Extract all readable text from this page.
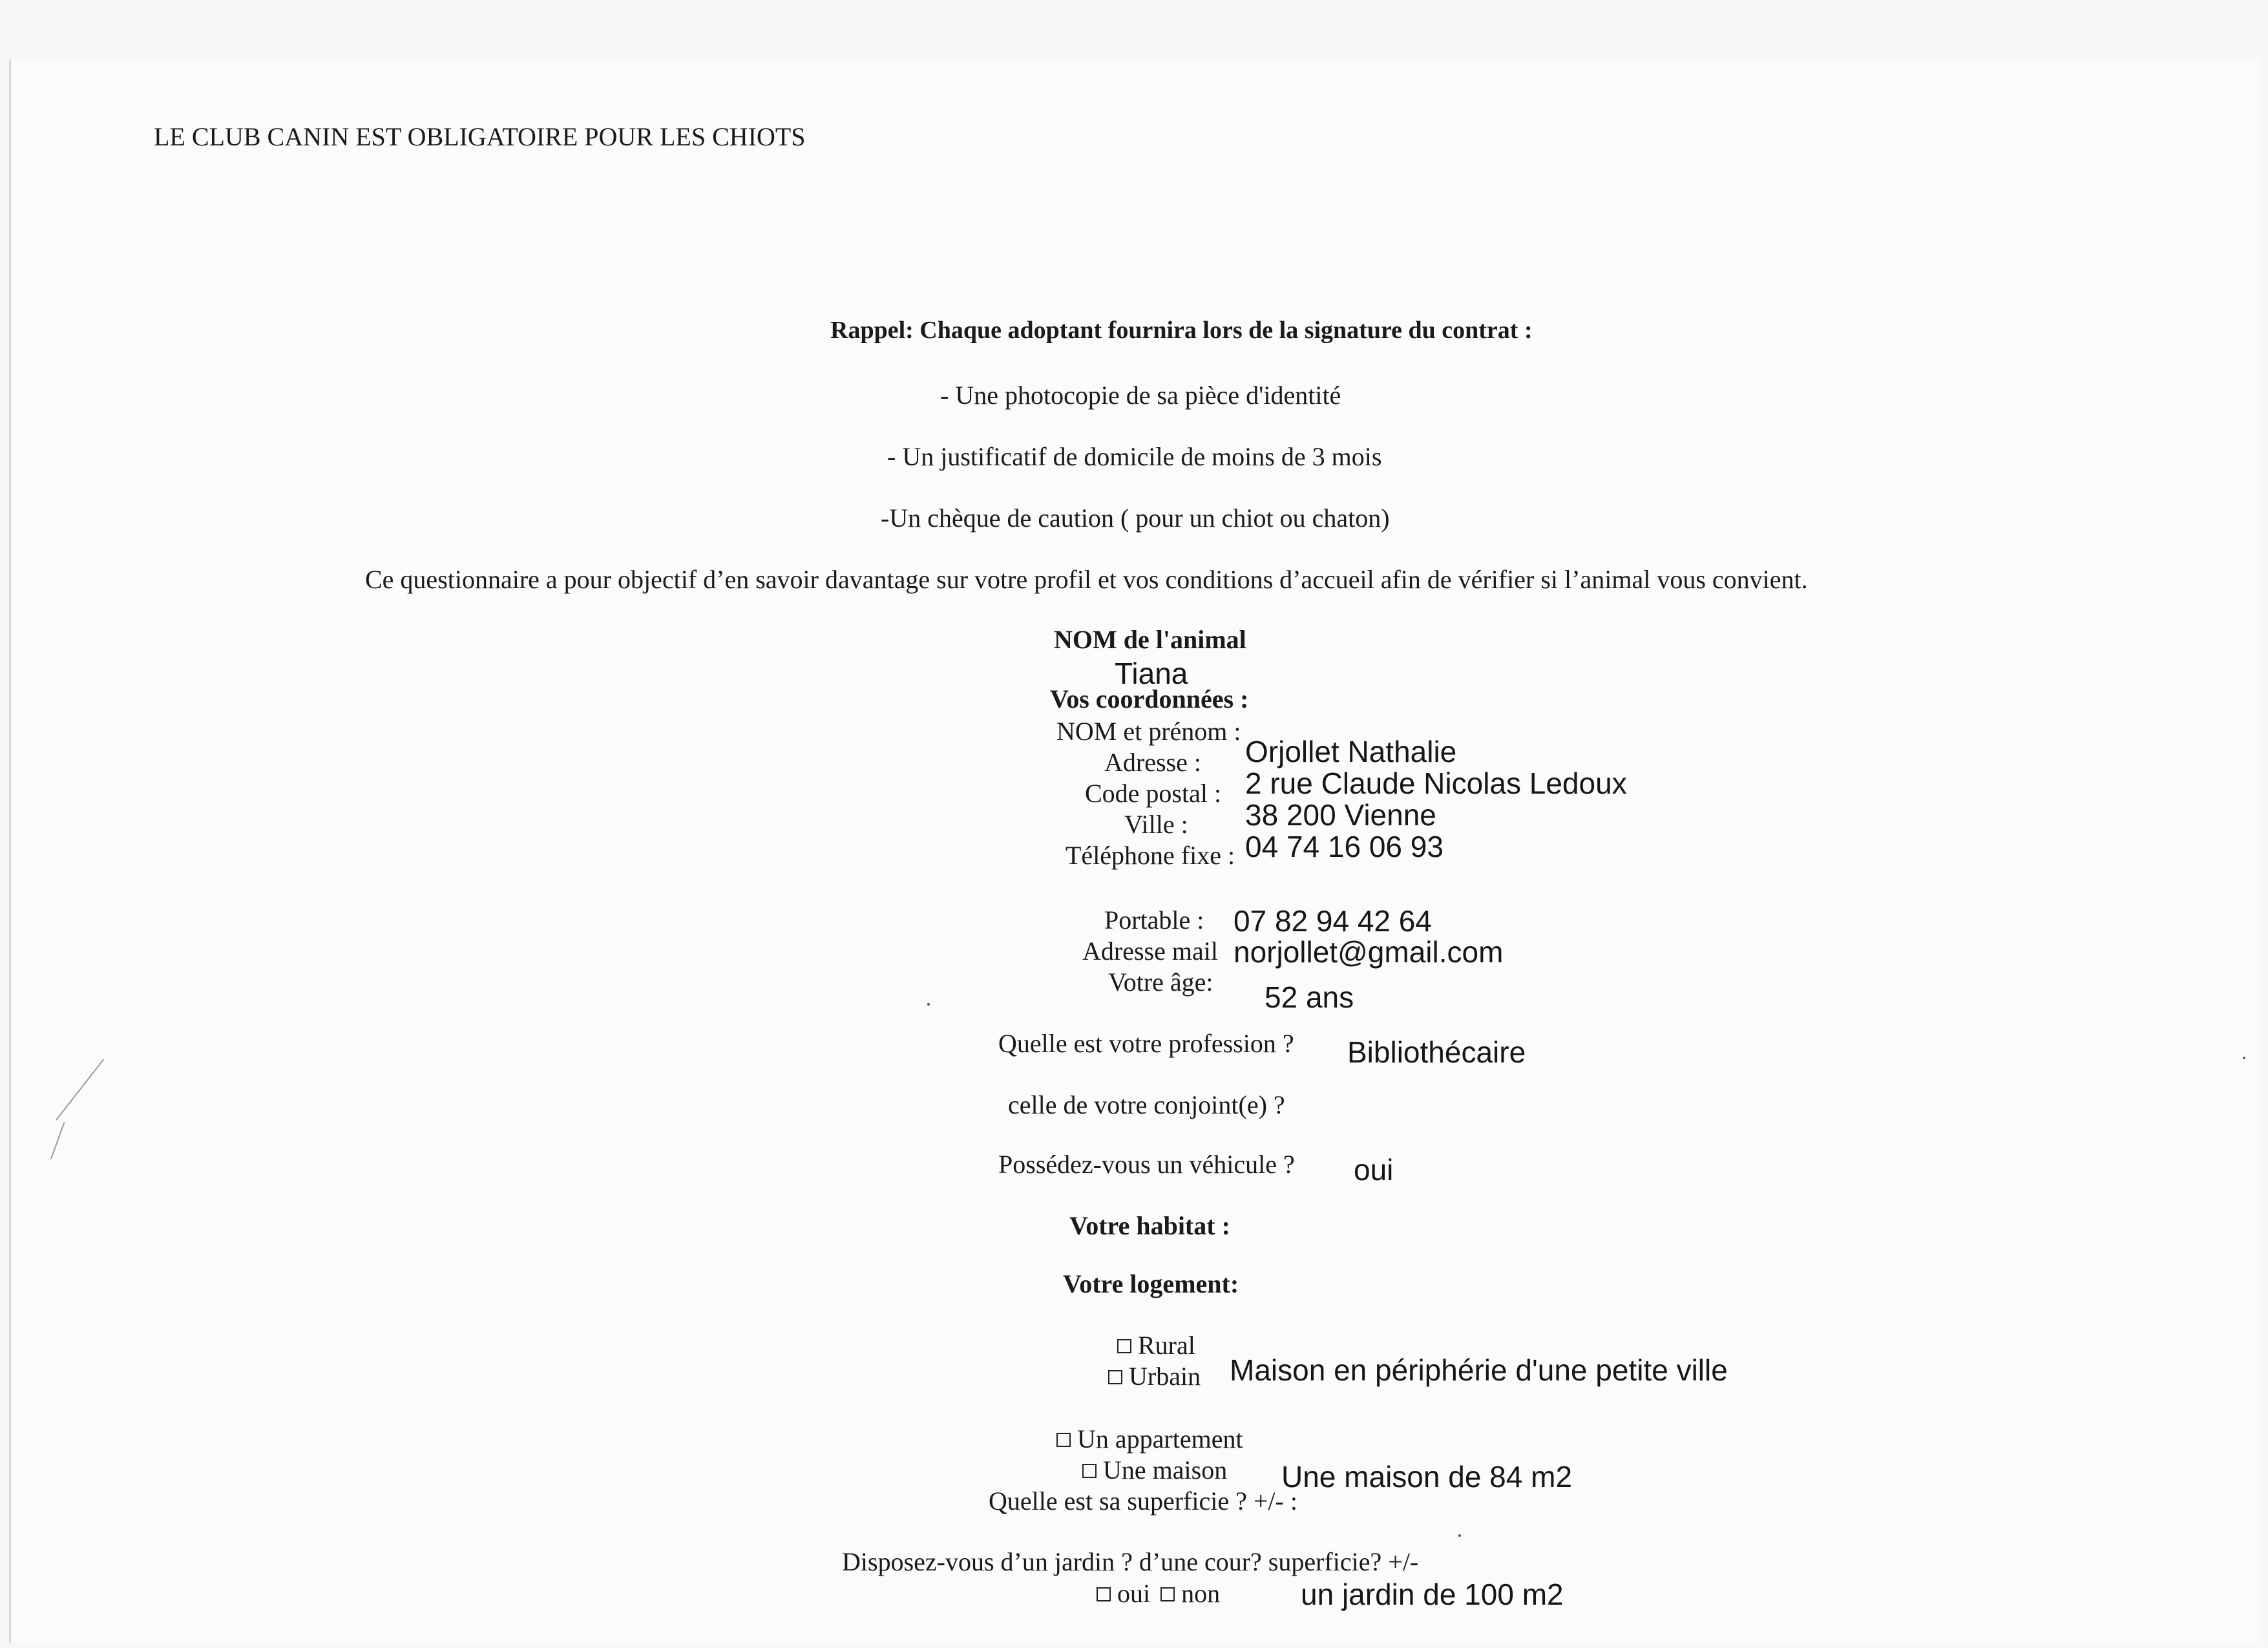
LE CLUB CANIN EST OBLIGATOIRE POUR LES CHIOTS
Rappel: Chaque adoptant fournira lors de la signature du contrat :
- Une photocopie de sa pièce d'identité
- Un justificatif de domicile de moins de 3 mois
-Un chèque de caution ( pour un chiot ou chaton)
Ce questionnaire a pour objectif d’en savoir davantage sur votre profil et vos conditions d’accueil afin de vérifier si l’animal vous convient.
NOM de l'animal
Tiana
Vos coordonnées :
NOM et prénom :
Adresse :
Code postal :
Ville :
Téléphone fixe :
Orjollet Nathalie
2 rue Claude Nicolas Ledoux
38 200 Vienne
04 74 16 06 93
Portable : 07 82 94 42 64
Adresse mail norjollet@gmail.com
Votre âge: 52 ans
Quelle est votre profession ? Bibliothécaire
celle de votre conjoint(e) ?
Possédez-vous un véhicule ? oui
Votre habitat :
Votre logement:
Rural
Urbain Maison en périphérie d'une petite ville
Un appartement
Une maison Une maison de 84 m2
Quelle est sa superficie ? +/- :
Disposez-vous d’un jardin ? d’une cour? superficie? +/-
oui non	un jardin de 100 m2
